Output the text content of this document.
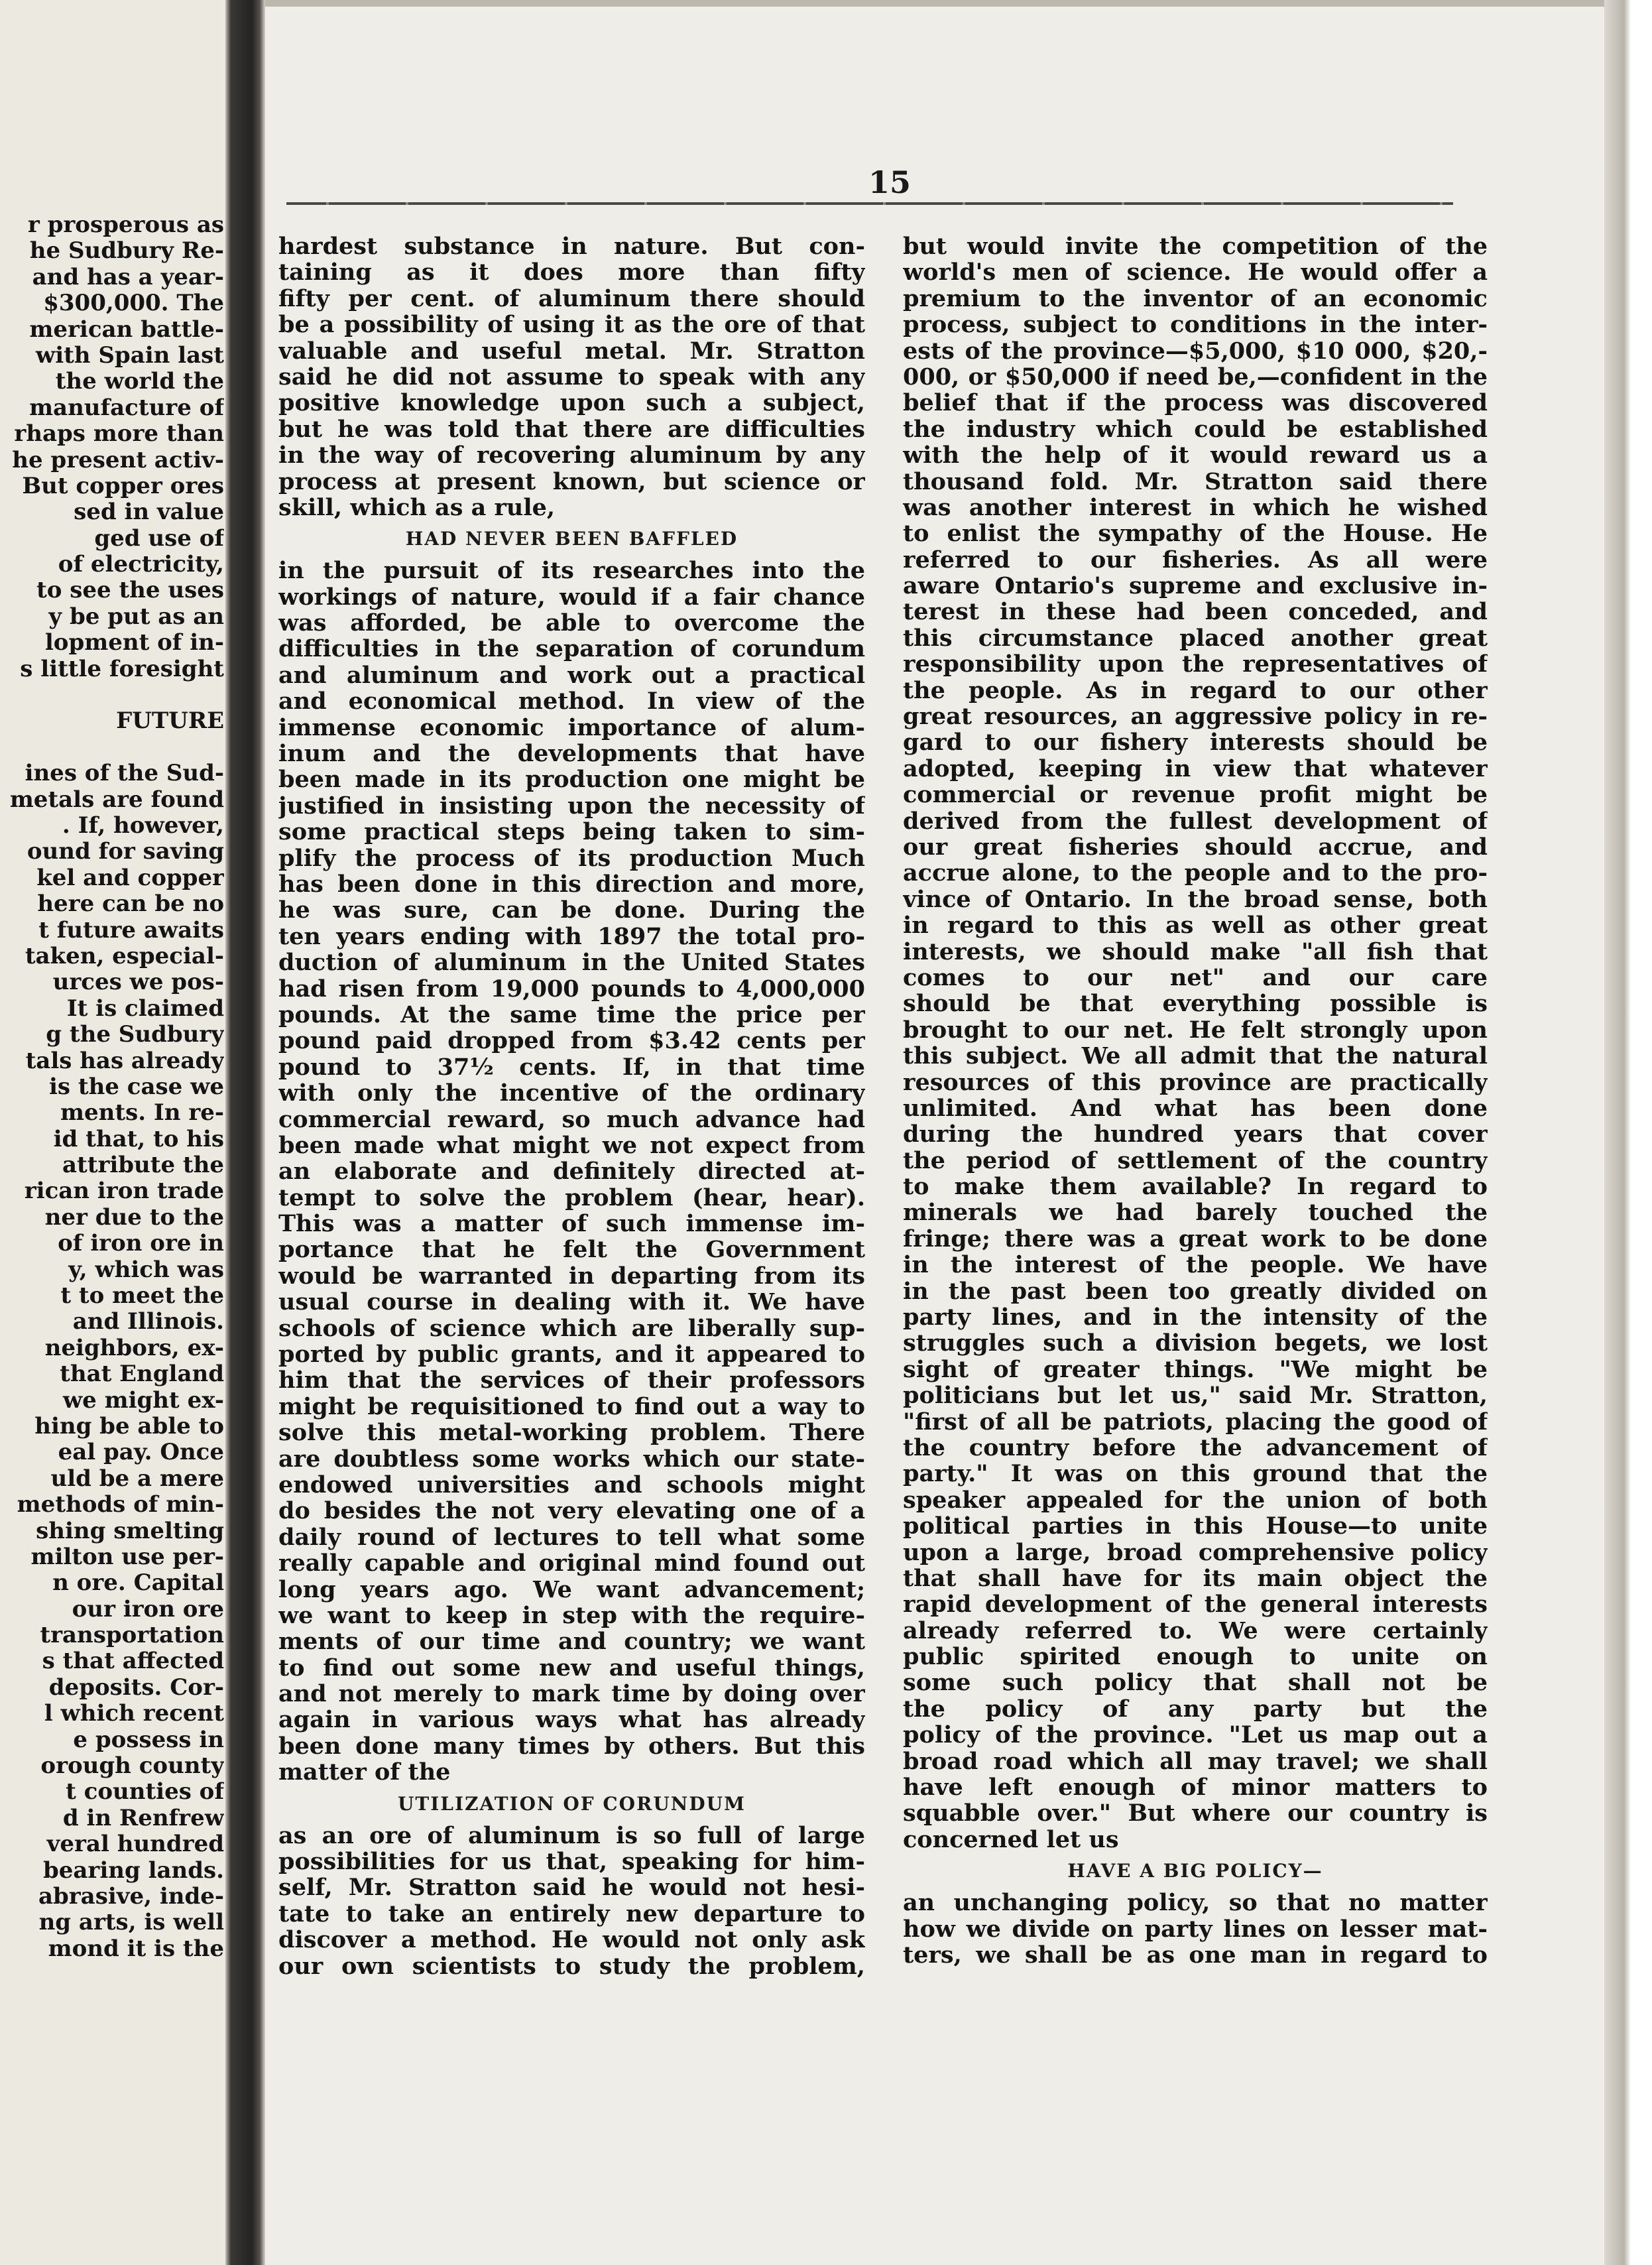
r prosperous as
he Sudbury Re-
and has a year-
$300,000. The
merican battle-
with Spain last
the world the
manufacture of
rhaps more than
he present activ-
But copper ores
sed in value
ged use of
of electricity,
to see the uses
y be put as an
lopment of in-
s little foresight
FUTURE
ines of the Sud-
metals are found
. If, however,
ound for saving
kel and copper
here can be no
t future awaits
taken, especial-
urces we pos-
It is claimed
g the Sudbury
tals has already
is the case we
ments. In re-
id that, to his
attribute the
rican iron trade
ner due to the
of iron ore in
y, which was
t to meet the
and Illinois.
neighbors, ex-
that England
we might ex-
hing be able to
eal pay. Once
uld be a mere
methods of min-
shing smelting
milton use per-
n ore. Capital
our iron ore
transportation
s that affected
deposits. Cor-
l which recent
e possess in
orough county
t counties of
d in Renfrew
veral hundred
bearing lands.
abrasive, inde-
ng arts, is well
mond it is the
15
hardest substance in nature. But con-
taining as it does more than fifty
fifty per cent. of aluminum there should
be a possibility of using it as the ore of that
valuable and useful metal. Mr. Stratton
said he did not assume to speak with any
positive knowledge upon such a subject,
but he was told that there are difficulties
in the way of recovering aluminum by any
process at present known, but science or
skill, which as a rule,
HAD NEVER BEEN BAFFLED
in the pursuit of its researches into the
workings of nature, would if a fair chance
was afforded, be able to overcome the
difficulties in the separation of corundum
and aluminum and work out a practical
and economical method. In view of the
immense economic importance of alum-
inum and the developments that have
been made in its production one might be
justified in insisting upon the necessity of
some practical steps being taken to sim-
plify the process of its production Much
has been done in this direction and more,
he was sure, can be done. During the
ten years ending with 1897 the total pro-
duction of aluminum in the United States
had risen from 19,000 pounds to 4,000,000
pounds. At the same time the price per
pound paid dropped from $3.42 cents per
pound to 37½ cents. If, in that time
with only the incentive of the ordinary
commercial reward, so much advance had
been made what might we not expect from
an elaborate and definitely directed at-
tempt to solve the problem (hear, hear).
This was a matter of such immense im-
portance that he felt the Government
would be warranted in departing from its
usual course in dealing with it. We have
schools of science which are liberally sup-
ported by public grants, and it appeared to
him that the services of their professors
might be requisitioned to find out a way to
solve this metal-working problem. There
are doubtless some works which our state-
endowed universities and schools might
do besides the not very elevating one of a
daily round of lectures to tell what some
really capable and original mind found out
long years ago. We want advancement;
we want to keep in step with the require-
ments of our time and country; we want
to find out some new and useful things,
and not merely to mark time by doing over
again in various ways what has already
been done many times by others. But this
matter of the
UTILIZATION OF CORUNDUM
as an ore of aluminum is so full of large
possibilities for us that, speaking for him-
self, Mr. Stratton said he would not hesi-
tate to take an entirely new departure to
discover a method. He would not only ask
our own scientists to study the problem,
but would invite the competition of the
world's men of science. He would offer a
premium to the inventor of an economic
process, subject to conditions in the inter-
ests of the province—$5,000, $10 000, $20,-
000, or $50,000 if need be,—confident in the
belief that if the process was discovered
the industry which could be established
with the help of it would reward us a
thousand fold. Mr. Stratton said there
was another interest in which he wished
to enlist the sympathy of the House. He
referred to our fisheries. As all were
aware Ontario's supreme and exclusive in-
terest in these had been conceded, and
this circumstance placed another great
responsibility upon the representatives of
the people. As in regard to our other
great resources, an aggressive policy in re-
gard to our fishery interests should be
adopted, keeping in view that whatever
commercial or revenue profit might be
derived from the fullest development of
our great fisheries should accrue, and
accrue alone, to the people and to the pro-
vince of Ontario. In the broad sense, both
in regard to this as well as other great
interests, we should make "all fish that
comes to our net" and our care
should be that everything possible is
brought to our net. He felt strongly upon
this subject. We all admit that the natural
resources of this province are practically
unlimited. And what has been done
during the hundred years that cover
the period of settlement of the country
to make them available? In regard to
minerals we had barely touched the
fringe; there was a great work to be done
in the interest of the people. We have
in the past been too greatly divided on
party lines, and in the intensity of the
struggles such a division begets, we lost
sight of greater things. "We might be
politicians but let us," said Mr. Stratton,
"first of all be patriots, placing the good of
the country before the advancement of
party." It was on this ground that the
speaker appealed for the union of both
political parties in this House—to unite
upon a large, broad comprehensive policy
that shall have for its main object the
rapid development of the general interests
already referred to. We were certainly
public spirited enough to unite on
some such policy that shall not be
the policy of any party but the
policy of the province. "Let us map out a
broad road which all may travel; we shall
have left enough of minor matters to
squabble over." But where our country is
concerned let us
HAVE A BIG POLICY—
an unchanging policy, so that no matter
how we divide on party lines on lesser mat-
ters, we shall be as one man in regard to
